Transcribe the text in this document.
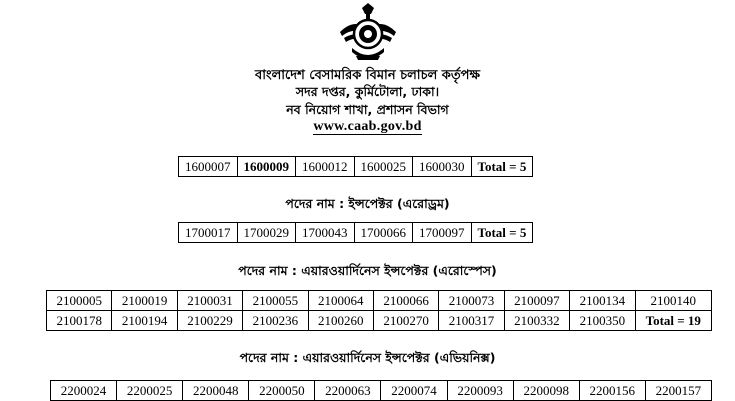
বাংলাদেশ বেসামরিক বিমান চলাচল কর্তৃপক্ষ
সদর দপ্তর, কুর্মিটোলা, ঢাকা।
নব নিয়োগ শাখা, প্রশাসন বিভাগ
www.caab.gov.bd
1600007	1600009	1600012	1600025	1600030	Total = 5
পদের নাম : ইন্সপেক্টর (এরোড্রম)
1700017	1700029	1700043	1700066	1700097	Total = 5
পদের নাম : এয়ারওয়ার্দিনেস ইন্সপেক্টর (এরোস্পেস)
2100005	2100019	2100031	2100055	2100064	2100066	2100073	2100097	2100134	2100140
2100178	2100194	2100229	2100236	2100260	2100270	2100317	2100332	2100350	Total = 19
পদের নাম : এয়ারওয়ার্দিনেস ইন্সপেক্টর (এভিয়নিক্স)
2200024	2200025	2200048	2200050	2200063	2200074	2200093	2200098	2200156	2200157
